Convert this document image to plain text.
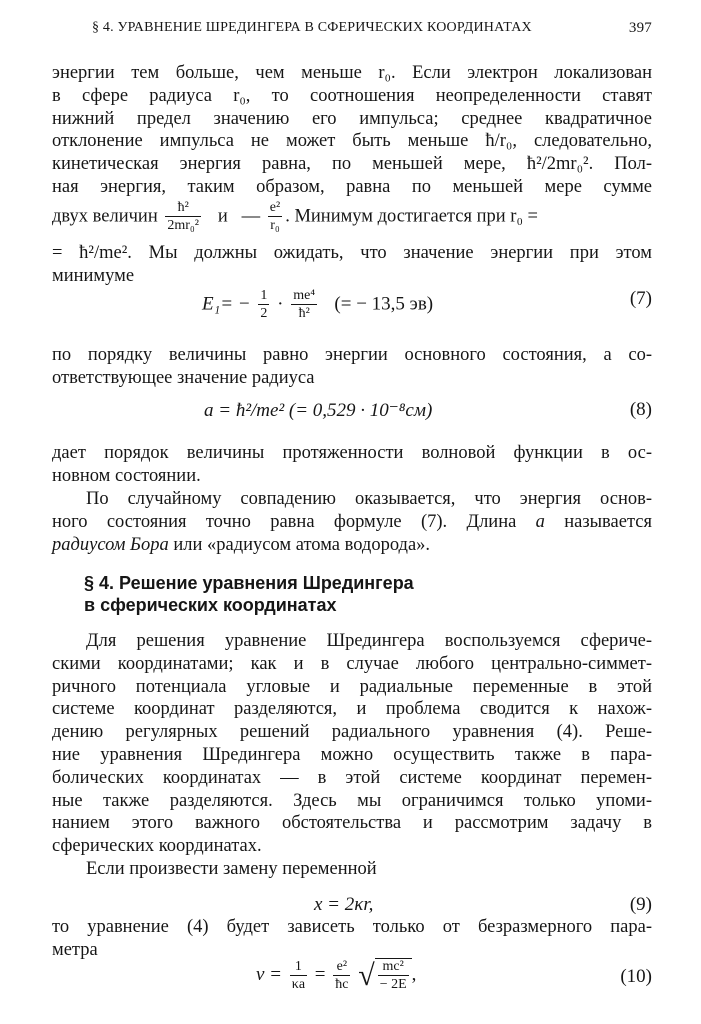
§ 4. УРАВНЕНИЕ ШРЕДИНГЕРА В СФЕРИЧЕСКИХ КООРДИНАТАХ	397
энергии тем больше, чем меньше r₀. Если электрон локализован
в сфере радиуса r₀, то соотношения неопределенности ставят
нижний предел значению его импульса; среднее квадратичное
отклонение импульса не может быть меньше ħ/r₀, следовательно,
кинетическая энергия равна, по меньшей мере, ħ²/2mr₀². Пол-
ная энергия, таким образом, равна по меньшей мере сумме
двух величин $\frac{\text{ħ²}}{\text{2mr₀²}}$ и   — $\frac{\text{e²}}{\text{r₀}}$ . Минимум достигается при r₀ =
= ħ²/me². Мы должны ожидать, что значение энергии при этом
минимуме
$E_1= - \frac{1}{2} \cdot \frac{\text{me⁴}}{\text{ħ²}}$ (= − 13,5 эв)	(7)
по порядку величины равно энергии основного состояния, а со-
ответствующее значение радиуса
a = ħ²/me² (= 0,529 · 10⁻⁸см)	(8)
дает порядок величины протяженности волновой функции в ос-
новном состоянии.
По случайному совпадению оказывается, что энергия основ-
ного состояния точно равна формуле (7). Длина a называется
радиусом Бора или «радиусом атома водорода».
§ 4. Решение уравнения Шредингера
в сферических координатах
Для решения уравнение Шредингера воспользуемся сфериче-
скими координатами; как и в случае любого центрально-симмет-
ричного потенциала угловые и радиальные переменные в этой
системе координат разделяются, и проблема сводится к нахож-
дению регулярных решений радиального уравнения (4). Реше-
ние уравнения Шредингера можно осуществить также в пара-
болических координатах — в этой системе координат перемен-
ные также разделяются. Здесь мы ограничимся только упоми-
нанием этого важного обстоятельства и рассмотрим задачу в
сферических координатах.
Если произвести замену переменной
x = 2κr,	(9)
то уравнение (4) будет зависеть только от безразмерного пара-
метра
$\nu = \frac{1}{\kappa a} = \frac{\text{e²}}{ħc}$ √ $\frac{\text{mc²}}{- 2E}$ ,	(10)
